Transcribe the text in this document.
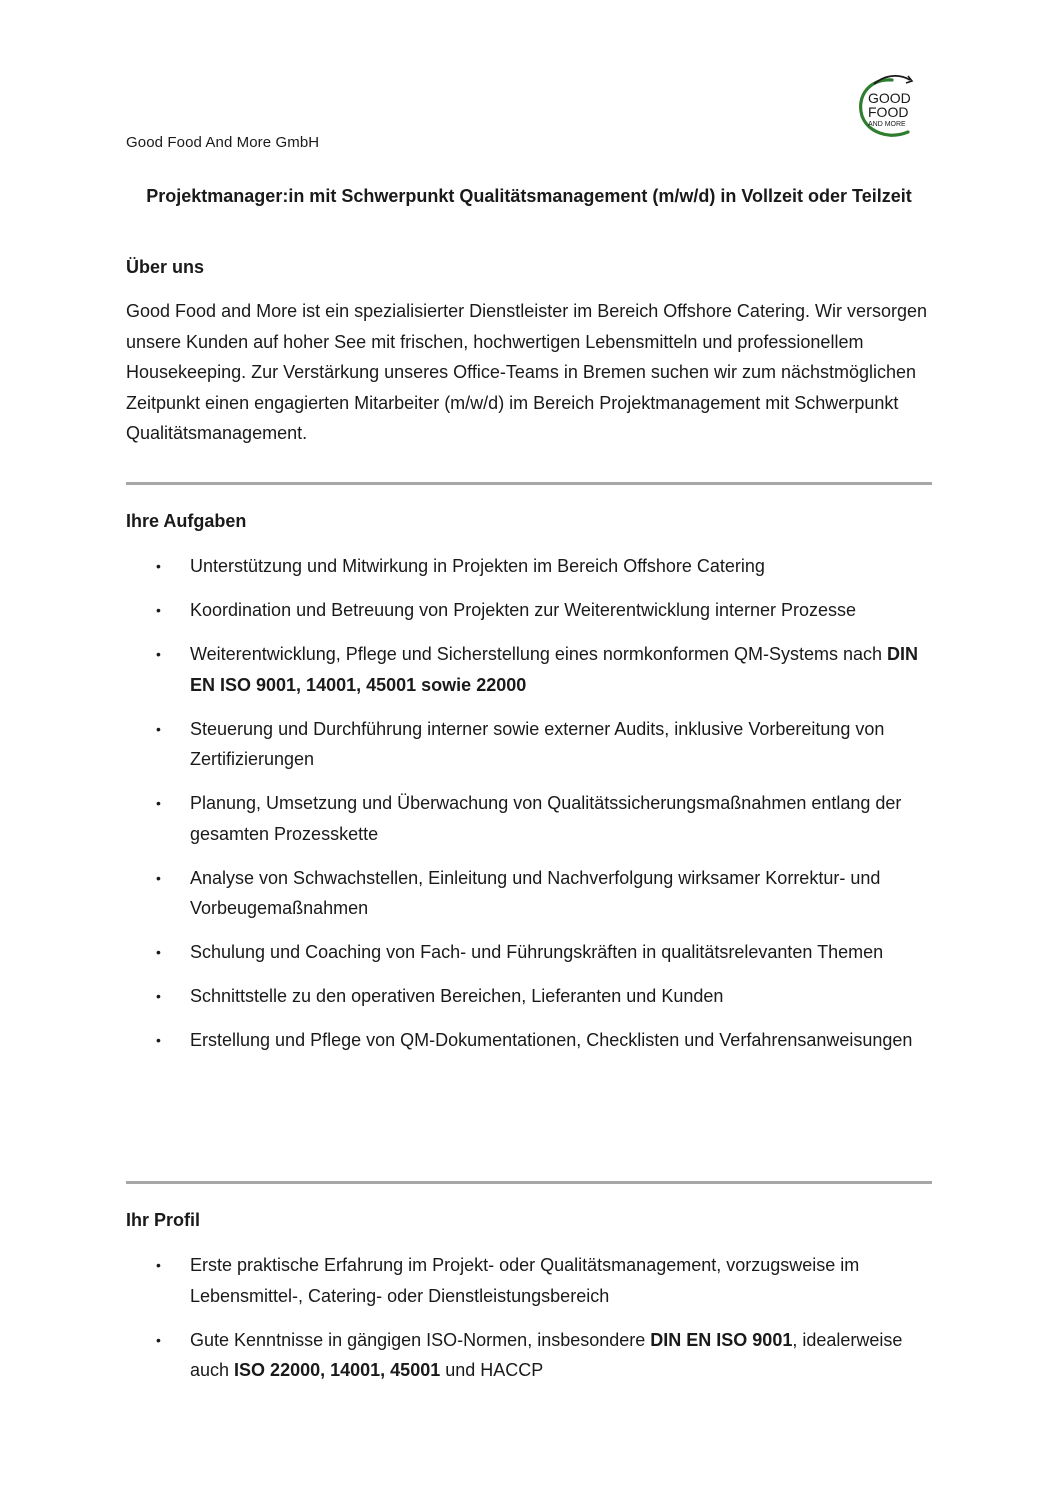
GOOD
FOOD
AND MORE
Good Food And More GmbH
Projektmanager:in mit Schwerpunkt Qualitätsmanagement (m/w/d) in Vollzeit oder Teilzeit
Über uns
Good Food and More ist ein spezialisierter Dienstleister im Bereich Offshore Catering. Wir versorgen unsere Kunden auf hoher See mit frischen, hochwertigen Lebensmitteln und professionellem Housekeeping. Zur Verstärkung unseres Office-Teams in Bremen suchen wir zum nächstmöglichen Zeitpunkt einen engagierten Mitarbeiter (m/w/d) im Bereich Projektmanagement mit Schwerpunkt Qualitätsmanagement.
Ihre Aufgaben
• Unterstützung und Mitwirkung in Projekten im Bereich Offshore Catering
• Koordination und Betreuung von Projekten zur Weiterentwicklung interner Prozesse
• Weiterentwicklung, Pflege und Sicherstellung eines normkonformen QM-Systems nach DIN EN ISO 9001, 14001, 45001 sowie 22000
• Steuerung und Durchführung interner sowie externer Audits, inklusive Vorbereitung von Zertifizierungen
• Planung, Umsetzung und Überwachung von Qualitätssicherungsmaßnahmen entlang der gesamten Prozesskette
• Analyse von Schwachstellen, Einleitung und Nachverfolgung wirksamer Korrektur- und Vorbeugemaßnahmen
• Schulung und Coaching von Fach- und Führungskräften in qualitätsrelevanten Themen
• Schnittstelle zu den operativen Bereichen, Lieferanten und Kunden
• Erstellung und Pflege von QM-Dokumentationen, Checklisten und Verfahrensanweisungen
Ihr Profil
• Erste praktische Erfahrung im Projekt- oder Qualitätsmanagement, vorzugsweise im Lebensmittel-, Catering- oder Dienstleistungsbereich
• Gute Kenntnisse in gängigen ISO-Normen, insbesondere DIN EN ISO 9001, idealerweise auch ISO 22000, 14001, 45001 und HACCP
